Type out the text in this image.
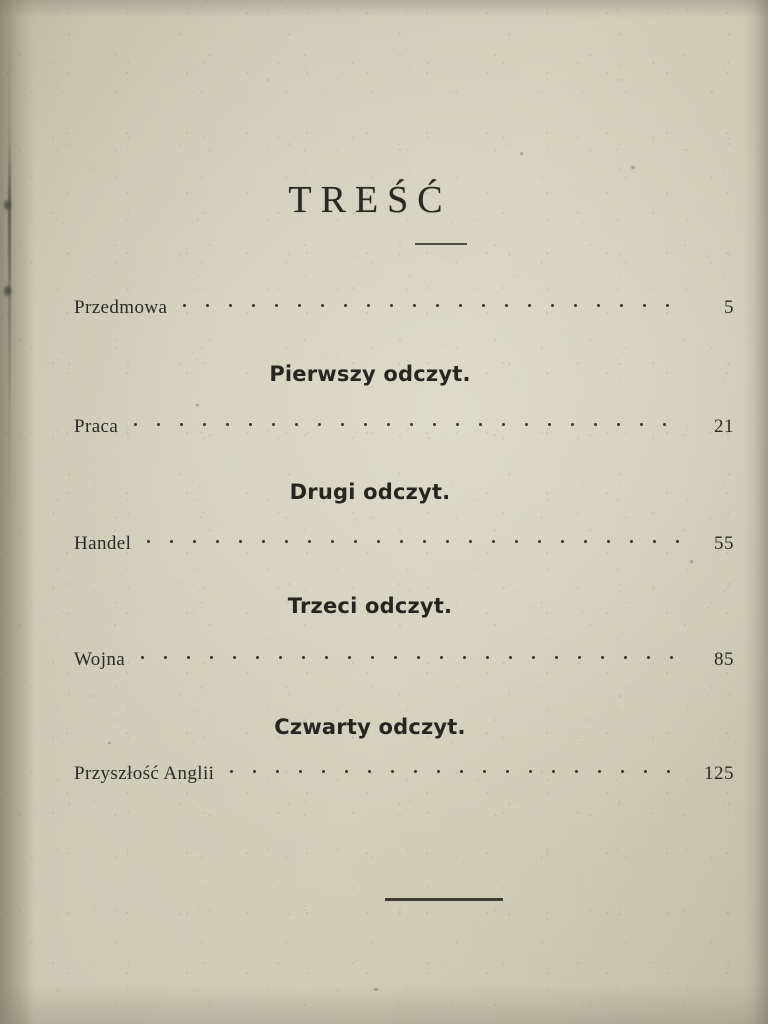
TREŚĆ
Przedmowa	5
Pierwszy odczyt.
Praca	21
Drugi odczyt.
Handel	55
Trzeci odczyt.
Wojna	85
Czwarty odczyt.
Przyszłość Anglii	125
